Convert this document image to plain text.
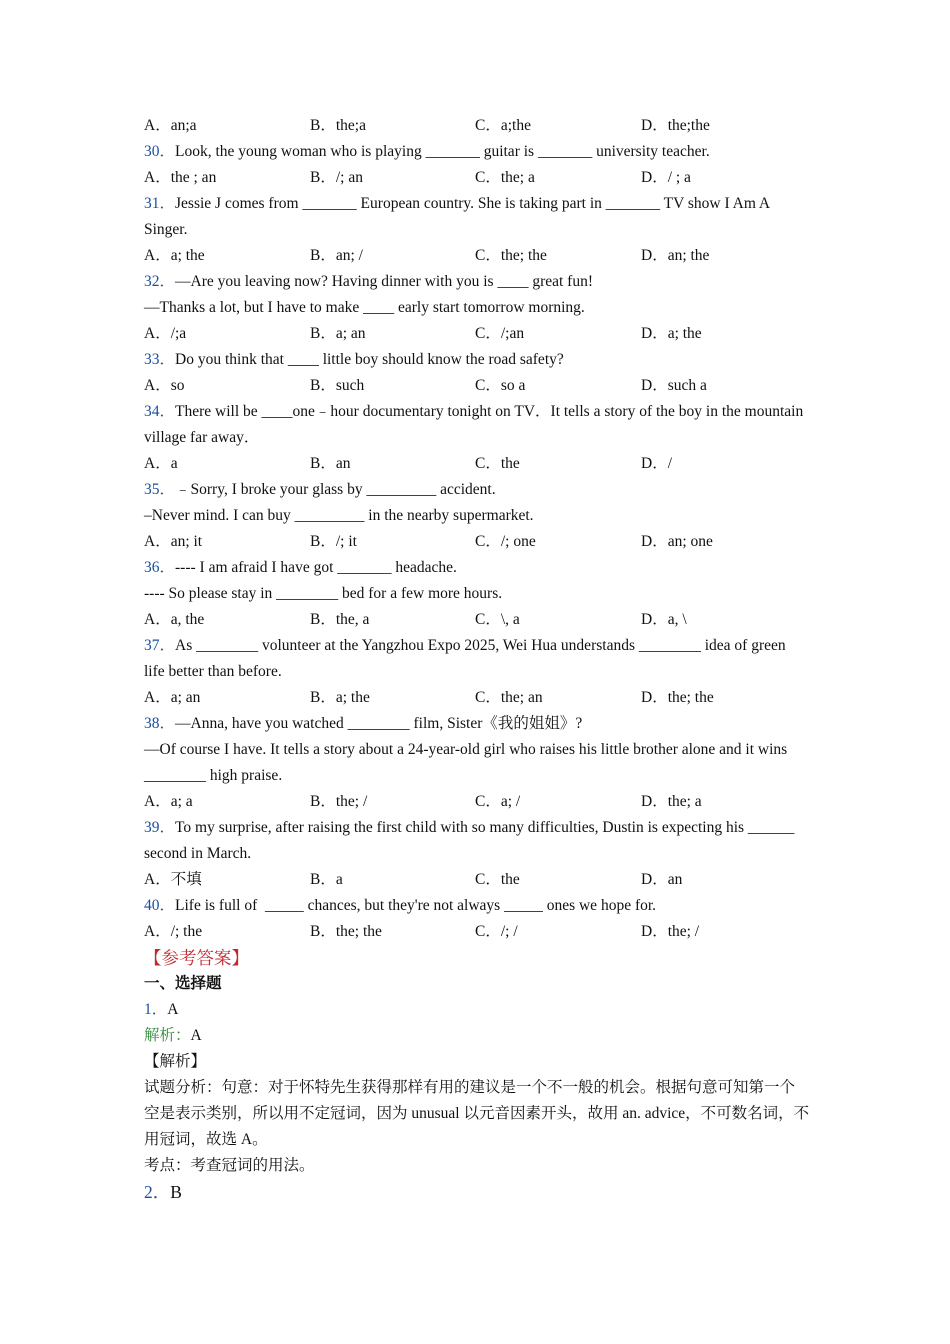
A．an;a	B．the;a	C．a;the	D．the;the
30．Look, the young woman who is playing _______ guitar is _______ university teacher.
A．the ; an	B．/; an	C．the; a	D．/ ; a
31．Jessie J comes from _______ European country. She is taking part in _______ TV show I Am A Singer.
A．a; the	B．an; /	C．the; the	D．an; the
32．—Are you leaving now? Having dinner with you is ____ great fun!
—Thanks a lot, but I have to make ____ early start tomorrow morning.
A．/;a	B．a; an	C．/;an	D．a; the
33．Do you think that ____ little boy should know the road safety?
A．so	B．such	C．so a	D．such a
34．There will be ____one﹣hour documentary tonight on TV．It tells a story of the boy in the mountain village far away．
A．a	B．an	C．the	D．/
35．﹣Sorry, I broke your glass by _________ accident.
–Never mind. I can buy _________ in the nearby supermarket.
A．an; it	B．/; it	C．/; one	D．an; one
36．---- I am afraid I have got _______ headache.
---- So please stay in ________ bed for a few more hours.
A．a, the	B．the, a	C．\, a	D．a, \
37．As ________ volunteer at the Yangzhou Expo 2025, Wei Hua understands ________ idea of green life better than before.
A．a; an	B．a; the	C．the; an	D．the; the
38．—Anna, have you watched ________ film, Sister《我的姐姐》?
—Of course I have. It tells a story about a 24-year-old girl who raises his little brother alone and it wins ________ high praise.
A．a; a	B．the; /	C．a; /	D．the; a
39．To my surprise, after raising the first child with so many difficulties, Dustin is expecting his ______ second in March.
A．不填	B．a	C．the	D．an
40．Life is full of  _____ chances, but they're not always _____ ones we hope for.
A．/; the	B．the; the	C．/; /	D．the; /
【参考答案】
一、选择题
1．A
解析：A
【解析】
试题分析：句意：对于怀特先生获得那样有用的建议是一个不一般的机会。根据句意可知第一个空是表示类别，所以用不定冠词，因为 unusual 以元音因素开头，故用 an. advice，不可数名词，不用冠词，故选 A。
考点：考查冠词的用法。
2．B
